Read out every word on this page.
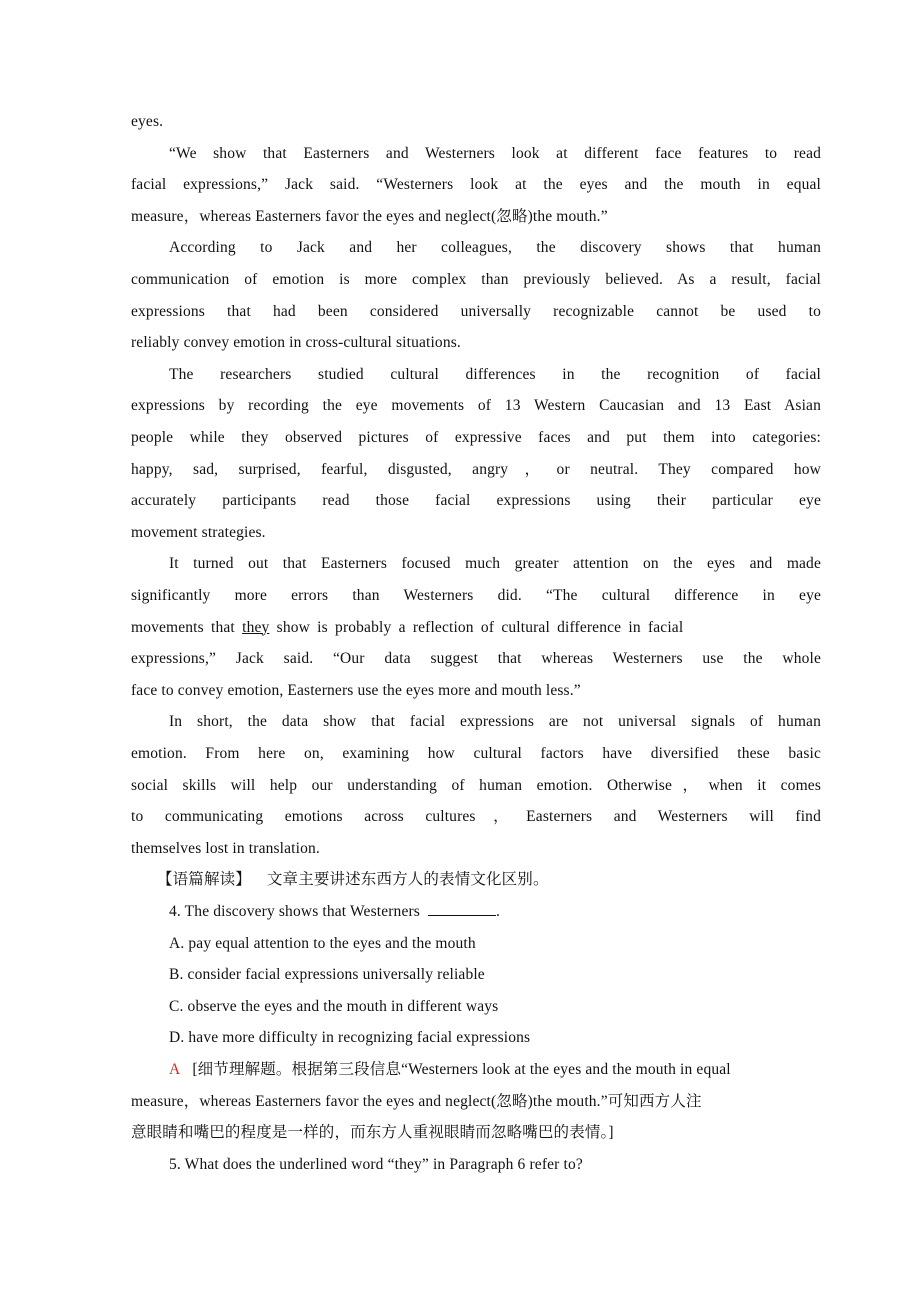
eyes.
“We show that Easterners and Westerners look at different face features to read
facial expressions,” Jack said. “Westerners look at the eyes and the mouth in equal
measure，whereas Easterners favor the eyes and neglect(忽略)the mouth.”
According to Jack and her colleagues, the discovery shows that human
communication of emotion is more complex than previously believed. As a result, facial
expressions that had been considered universally recognizable cannot be used to
reliably convey emotion in cross-cultural situations.
The researchers studied cultural differences in the recognition of facial
expressions by recording the eye movements of 13 Western Caucasian and 13 East Asian
people while they observed pictures of expressive faces and put them into categories:
happy, sad, surprised, fearful, disgusted, angry，or neutral. They compared how
accurately participants read those facial expressions using their particular eye
movement strategies.
It turned out that Easterners focused much greater attention on the eyes and made
significantly more errors than Westerners did. “The cultural difference in eye
movements that they show is probably a reflection of cultural difference in facial
expressions,” Jack said. “Our data suggest that whereas Westerners use the whole
face to convey emotion, Easterners use the eyes more and mouth less.”
In short, the data show that facial expressions are not universal signals of human
emotion. From here on, examining how cultural factors have diversified these basic
social skills will help our understanding of human emotion. Otherwise，when it comes
to communicating emotions across cultures，Easterners and Westerners will find
themselves lost in translation.
【语篇解读】 文章主要讲述东西方人的表情文化区别。
4. The discovery shows that Westerners	.
A. pay equal attention to the eyes and the mouth
B. consider facial expressions universally reliable
C. observe the eyes and the mouth in different ways
D. have more difficulty in recognizing facial expressions
A [细节理解题。根据第三段信息“Westerners look at the eyes and the mouth in equal
measure，whereas Easterners favor the eyes and neglect(忽略)the mouth.”可知西方人注
意眼睛和嘴巴的程度是一样的，而东方人重视眼睛而忽略嘴巴的表情。]
5. What does the underlined word “they” in Paragraph 6 refer to?
